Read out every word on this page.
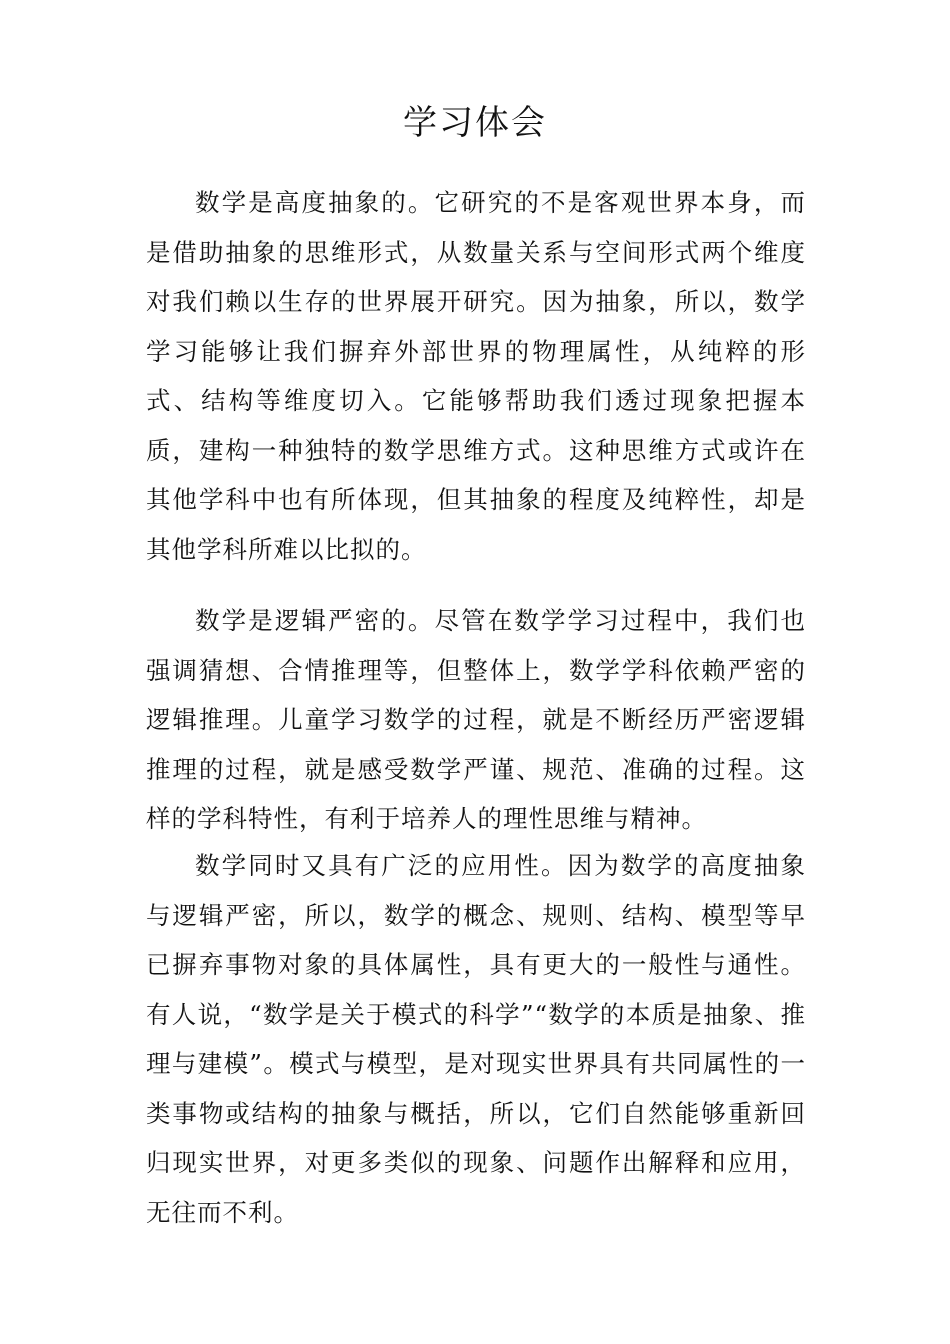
学习体会

数学是高度抽象的。它研究的不是客观世界本身，而是借助抽象的思维形式，从数量关系与空间形式两个维度对我们赖以生存的世界展开研究。因为抽象，所以，数学学习能够让我们摒弃外部世界的物理属性，从纯粹的形式、结构等维度切入。它能够帮助我们透过现象把握本质，建构一种独特的数学思维方式。这种思维方式或许在其他学科中也有所体现，但其抽象的程度及纯粹性，却是其他学科所难以比拟的。

数学是逻辑严密的。尽管在数学学习过程中，我们也强调猜想、合情推理等，但整体上，数学学科依赖严密的逻辑推理。儿童学习数学的过程，就是不断经历严密逻辑推理的过程，就是感受数学严谨、规范、准确的过程。这样的学科特性，有利于培养人的理性思维与精神。

数学同时又具有广泛的应用性。因为数学的高度抽象与逻辑严密，所以，数学的概念、规则、结构、模型等早已摒弃事物对象的具体属性，具有更大的一般性与通性。有人说，“数学是关于模式的科学”“数学的本质是抽象、推理与建模”。模式与模型，是对现实世界具有共同属性的一类事物或结构的抽象与概括，所以，它们自然能够重新回归现实世界，对更多类似的现象、问题作出解释和应用，无往而不利。
